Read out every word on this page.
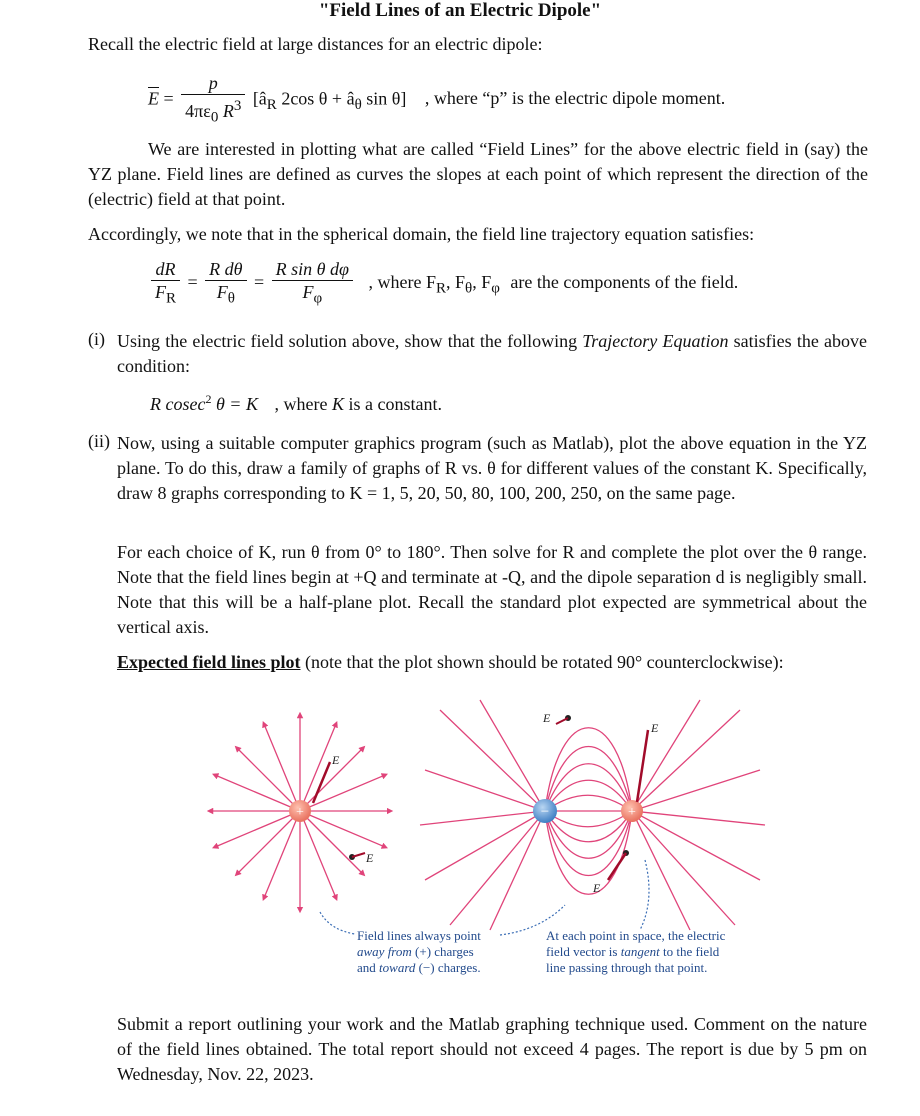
"Field Lines of an Electric Dipole"
Recall the electric field at large distances for an electric dipole:
$\overline{E} = \frac{p}{4\pi\varepsilon_0 R^3}$ [$â_R$ 2cos $\theta + â_\theta$ sin θ] , where “p” is the electric dipole moment.
We are interested in plotting what are called “Field Lines” for the above electric field in (say) the YZ plane. Field lines are defined as curves the slopes at each point of which represent the direction of the (electric) field at that point.
Accordingly, we note that in the spherical domain, the field line trajectory equation satisfies:
$\frac{dR}{F_R} = \frac{\text{R dθ}}{F_\theta} = \frac{\text{R sin θ dφ}}{F_\varphi}$ , where $F_R$, $F_\theta$, $F_\varphi$ are the components of the field.
(i) Using the electric field solution above, show that the following Trajectory Equation satisfies the above condition:
R cosec$^2$ θ = K , where K is a constant.
(ii) Now, using a suitable computer graphics program (such as Matlab), plot the above equation in the YZ plane. To do this, draw a family of graphs of R vs. θ for different values of the constant K. Specifically, draw 8 graphs corresponding to K = 1, 5, 20, 50, 80, 100, 200, 250, on the same page.
For each choice of K, run θ from 0° to 180°. Then solve for R and complete the plot over the θ range. Note that the field lines begin at +Q and terminate at -Q, and the dipole separation d is negligibly small. Note that this will be a half-plane plot. Recall the standard plot expected are symmetrical about the vertical axis.
Expected field lines plot (note that the plot shown should be rotated 90° counterclockwise):
+
E
E
−	+
E
E
E
Field lines always point
away from (+) charges
and toward (−) charges.
At each point in space, the electric
field vector is tangent to the field
line passing through that point.
Submit a report outlining your work and the Matlab graphing technique used. Comment on the nature of the field lines obtained. The total report should not exceed 4 pages. The report is due by 5 pm on Wednesday, Nov. 22, 2023.
